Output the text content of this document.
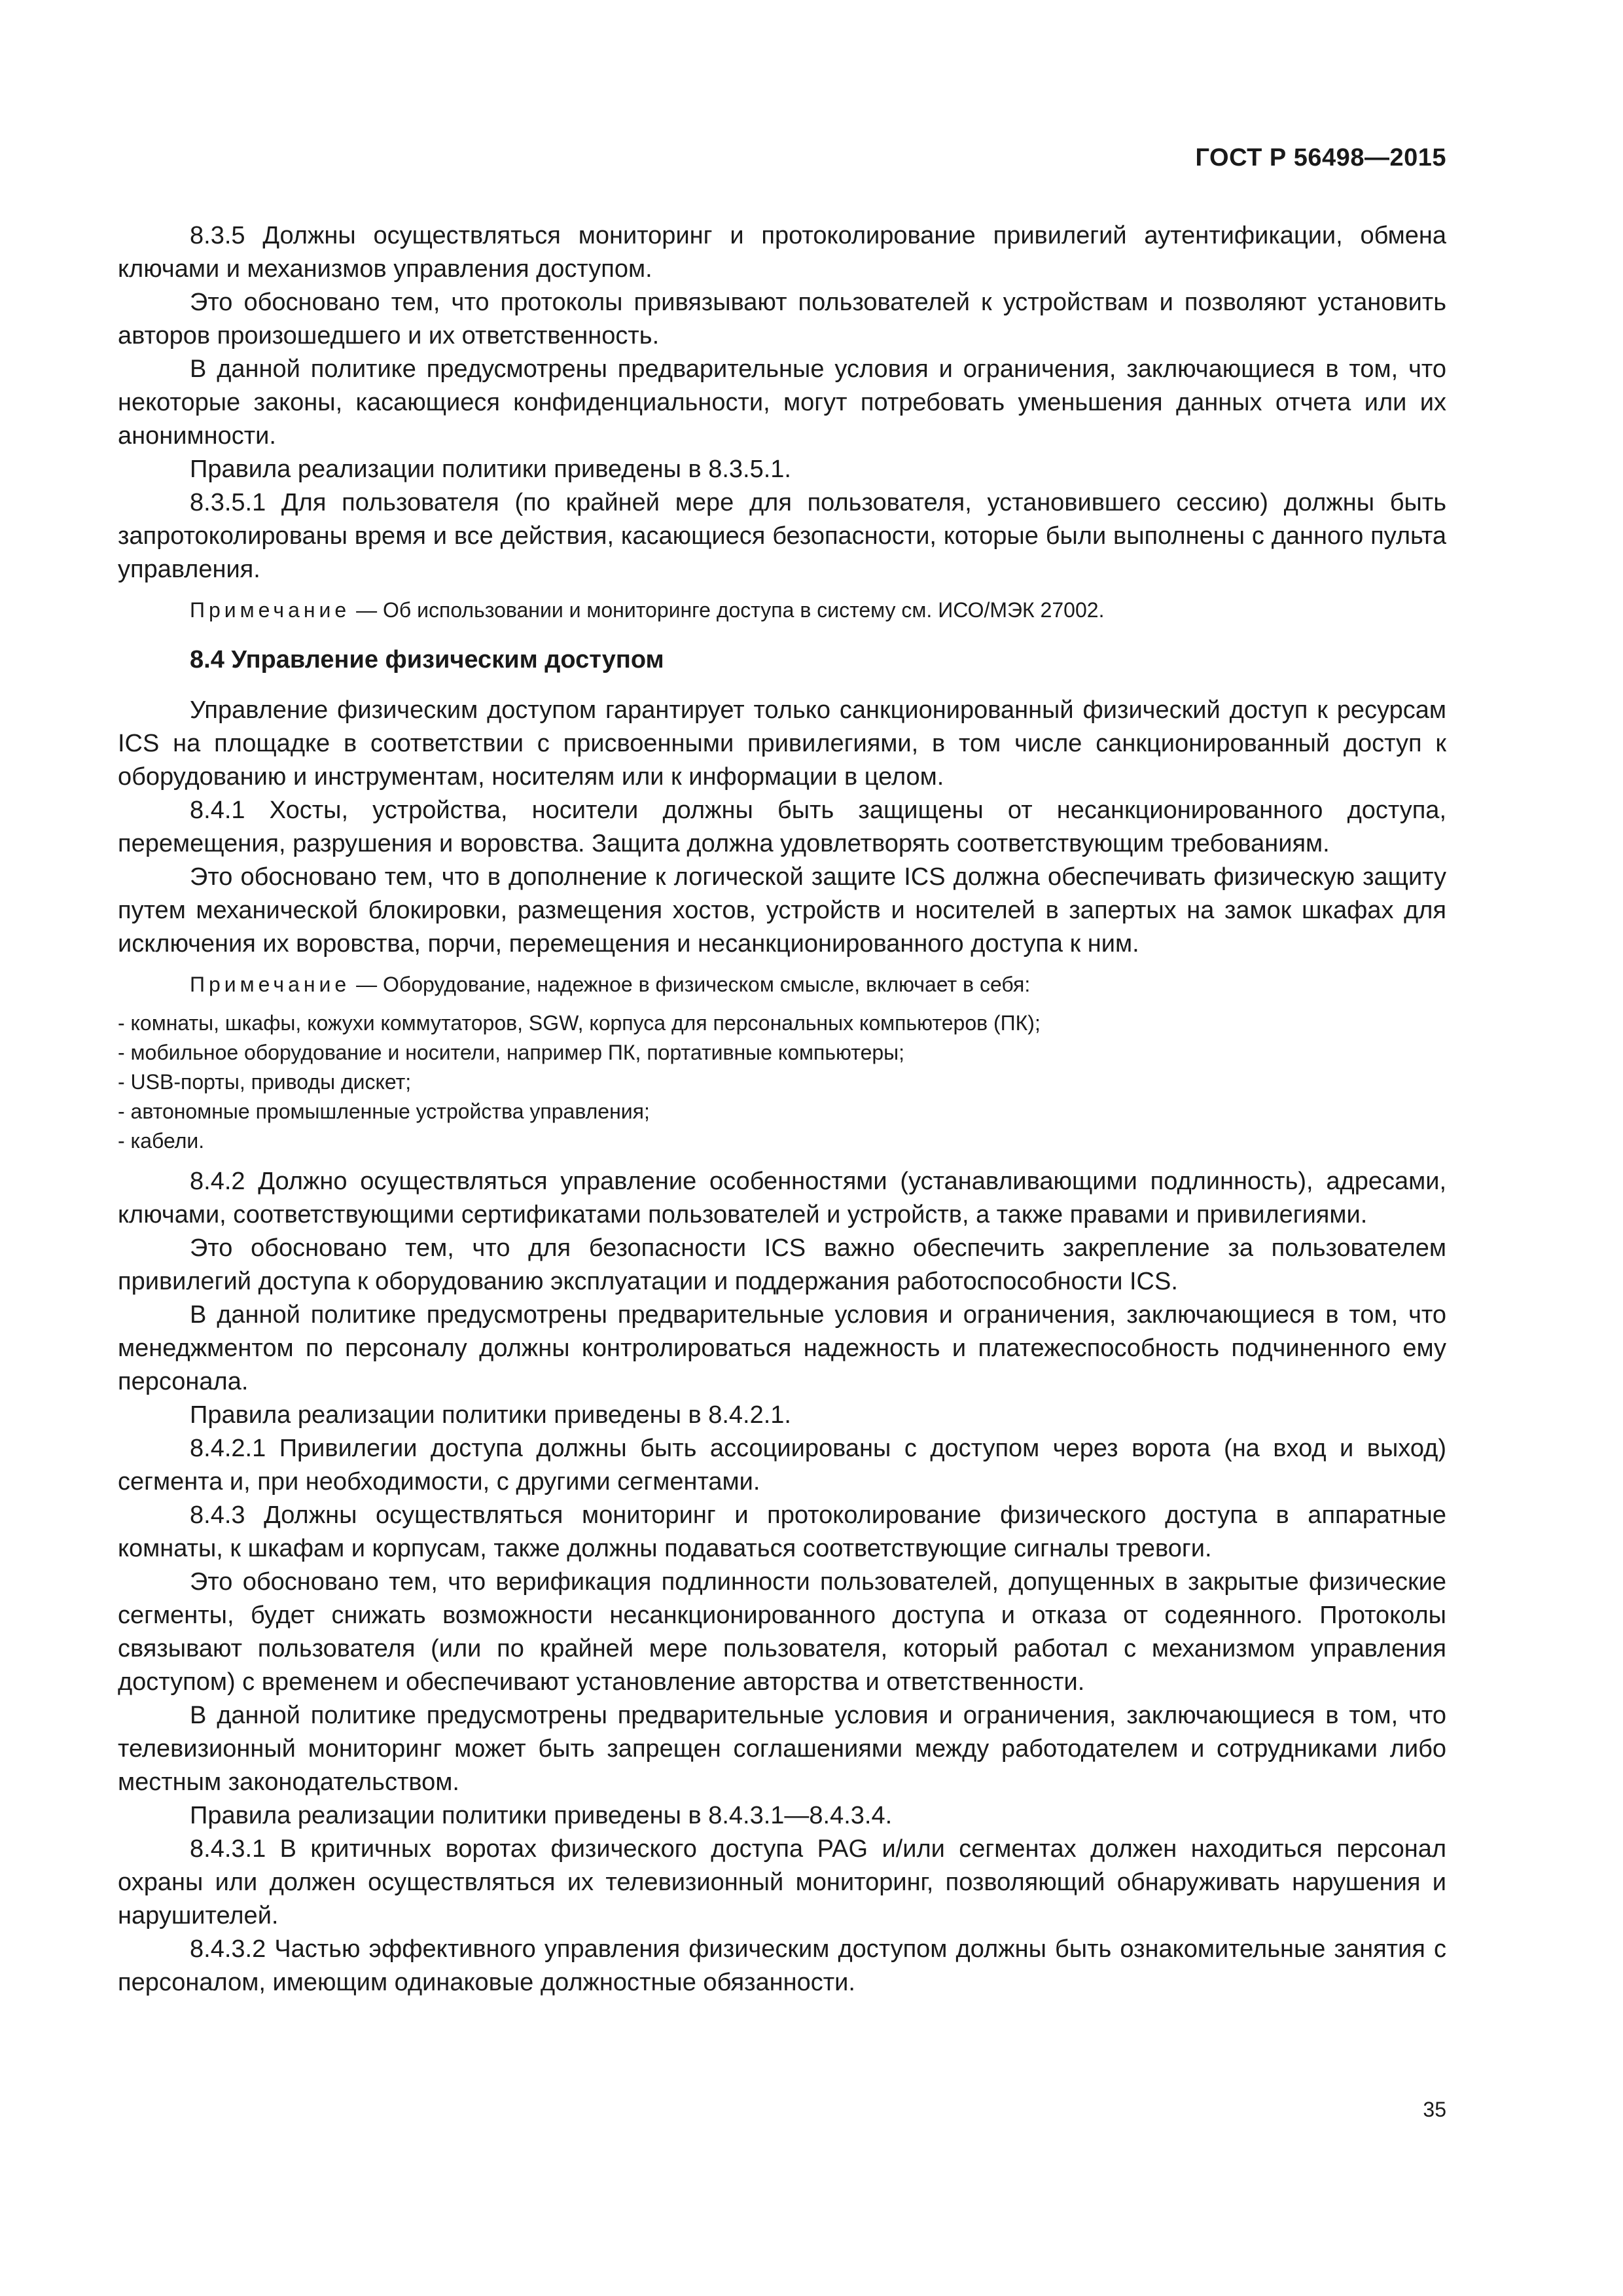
ГОСТ Р 56498—2015

8.3.5 Должны осуществляться мониторинг и протоколирование привилегий аутентификации, обмена ключами и механизмов управления доступом.

Это обосновано тем, что протоколы привязывают пользователей к устройствам и позволяют установить авторов произошедшего и их ответственность.

В данной политике предусмотрены предварительные условия и ограничения, заключающиеся в том, что некоторые законы, касающиеся конфиденциальности, могут потребовать уменьшения данных отчета или их анонимности.

Правила реализации политики приведены в 8.3.5.1.

8.3.5.1 Для пользователя (по крайней мере для пользователя, установившего сессию) должны быть запротоколированы время и все действия, касающиеся безопасности, которые были выполнены с данного пульта управления.

Примечание — Об использовании и мониторинге доступа в систему см. ИСО/МЭК 27002.

8.4 Управление физическим доступом

Управление физическим доступом гарантирует только санкционированный физический доступ к ресурсам ICS на площадке в соответствии с присвоенными привилегиями, в том числе санкционированный доступ к оборудованию и инструментам, носителям или к информации в целом.

8.4.1 Хосты, устройства, носители должны быть защищены от несанкционированного доступа, перемещения, разрушения и воровства. Защита должна удовлетворять соответствующим требованиям.

Это обосновано тем, что в дополнение к логической защите ICS должна обеспечивать физическую защиту путем механической блокировки, размещения хостов, устройств и носителей в запертых на замок шкафах для исключения их воровства, порчи, перемещения и несанкционированного доступа к ним.

Примечание — Оборудование, надежное в физическом смысле, включает в себя:

- комнаты, шкафы, кожухи коммутаторов, SGW, корпуса для персональных компьютеров (ПК);
- мобильное оборудование и носители, например ПК, портативные компьютеры;
- USB-порты, приводы дискет;
- автономные промышленные устройства управления;
- кабели.

8.4.2 Должно осуществляться управление особенностями (устанавливающими подлинность), адресами, ключами, соответствующими сертификатами пользователей и устройств, а также правами и привилегиями.

Это обосновано тем, что для безопасности ICS важно обеспечить закрепление за пользователем привилегий доступа к оборудованию эксплуатации и поддержания работоспособности ICS.

В данной политике предусмотрены предварительные условия и ограничения, заключающиеся в том, что менеджментом по персоналу должны контролироваться надежность и платежеспособность подчиненного ему персонала.

Правила реализации политики приведены в 8.4.2.1.

8.4.2.1 Привилегии доступа должны быть ассоциированы с доступом через ворота (на вход и выход) сегмента и, при необходимости, с другими сегментами.

8.4.3 Должны осуществляться мониторинг и протоколирование физического доступа в аппаратные комнаты, к шкафам и корпусам, также должны подаваться соответствующие сигналы тревоги.

Это обосновано тем, что верификация подлинности пользователей, допущенных в закрытые физические сегменты, будет снижать возможности несанкционированного доступа и отказа от содеянного. Протоколы связывают пользователя (или по крайней мере пользователя, который работал с механизмом управления доступом) с временем и обеспечивают установление авторства и ответственности.

В данной политике предусмотрены предварительные условия и ограничения, заключающиеся в том, что телевизионный мониторинг может быть запрещен соглашениями между работодателем и сотрудниками либо местным законодательством.

Правила реализации политики приведены в 8.4.3.1—8.4.3.4.

8.4.3.1 В критичных воротах физического доступа PAG и/или сегментах должен находиться персонал охраны или должен осуществляться их телевизионный мониторинг, позволяющий обнаруживать нарушения и нарушителей.

8.4.3.2 Частью эффективного управления физическим доступом должны быть ознакомительные занятия с персоналом, имеющим одинаковые должностные обязанности.

35
